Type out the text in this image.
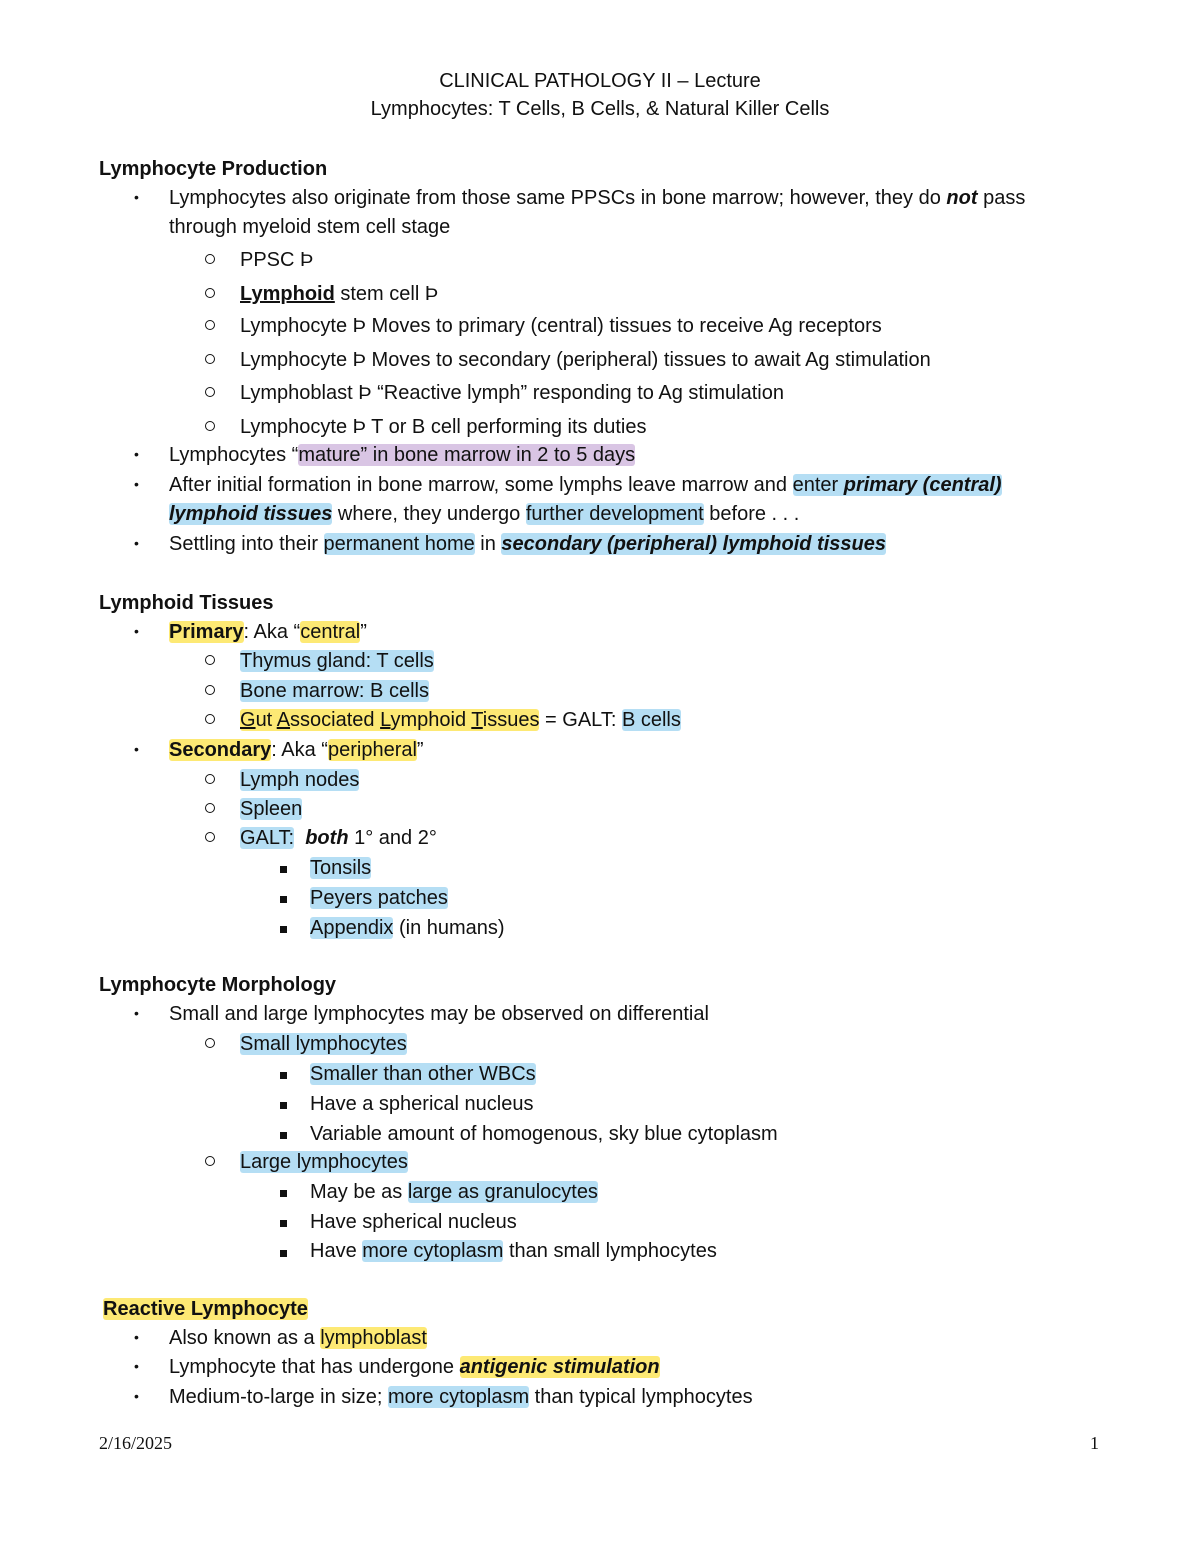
CLINICAL PATHOLOGY II – Lecture
Lymphocytes: T Cells, B Cells, & Natural Killer Cells
Lymphocyte Production
• Lymphocytes also originate from those same PPSCs in bone marrow; however, they do not pass
through myeloid stem cell stage
PPSC Þ
Lymphoid stem cell Þ
Lymphocyte Þ Moves to primary (central) tissues to receive Ag receptors
Lymphocyte Þ Moves to secondary (peripheral) tissues to await Ag stimulation
Lymphoblast Þ “Reactive lymph” responding to Ag stimulation
Lymphocyte Þ T or B cell performing its duties
• Lymphocytes “mature” in bone marrow in 2 to 5 days
• After initial formation in bone marrow, some lymphs leave marrow and enter primary (central)
lymphoid tissues where, they undergo further development before . . .
• Settling into their permanent home in secondary (peripheral) lymphoid tissues
Lymphoid Tissues
• Primary: Aka “central”
Thymus gland: T cells
Bone marrow: B cells
Gut Associated Lymphoid Tissues = GALT: B cells
• Secondary: Aka “peripheral”
Lymph nodes
Spleen
GALT: both 1° and 2°
Tonsils
Peyers patches
Appendix (in humans)
Lymphocyte Morphology
• Small and large lymphocytes may be observed on differential
Small lymphocytes
Smaller than other WBCs
Have a spherical nucleus
Variable amount of homogenous, sky blue cytoplasm
Large lymphocytes
May be as large as granulocytes
Have spherical nucleus
Have more cytoplasm than small lymphocytes
Reactive Lymphocyte
• Also known as a lymphoblast
• Lymphocyte that has undergone antigenic stimulation
• Medium-to-large in size; more cytoplasm than typical lymphocytes
2/16/2025	1
